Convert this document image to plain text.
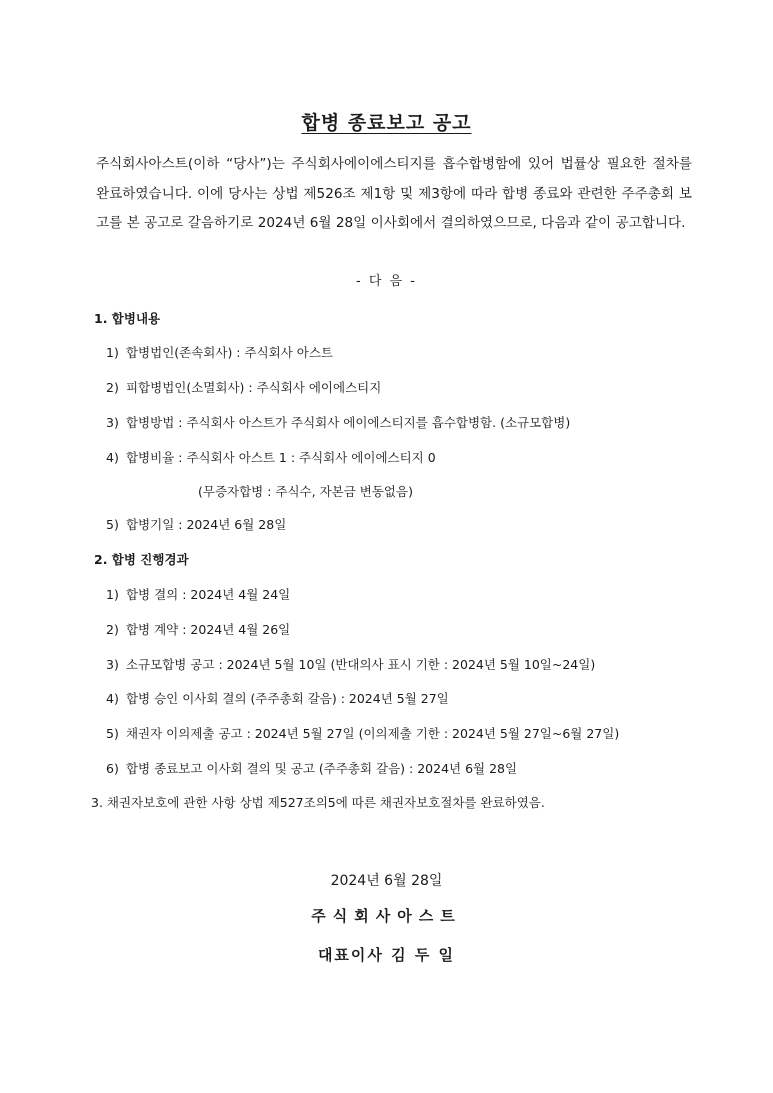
합병 종료보고 공고
주식회사아스트(이하 “당사”)는 주식회사에이에스티지를 흡수합병함에 있어 법률상 필요한 절차를 완료하였습니다. 이에 당사는 상법 제526조 제1항 및 제3항에 따라 합병 종료와 관련한 주주총회 보고를 본 공고로 갈음하기로 2024년 6월 28일 이사회에서 결의하였으므로, 다음과 같이 공고합니다.
- 다 음 -
1. 합병내용
1) 합병법인(존속회사) : 주식회사 아스트
2) 피합병법인(소멸회사) : 주식회사 에이에스티지
3) 합병방법 : 주식회사 아스트가 주식회사 에이에스티지를 흡수합병함. (소규모합병)
4) 합병비율 : 주식회사 아스트 1 : 주식회사 에이에스티지 0
(무증자합병 : 주식수, 자본금 변동없음)
5) 합병기일 : 2024년 6월 28일
2. 합병 진행경과
1) 합병 결의 : 2024년 4월 24일
2) 합병 계약 : 2024년 4월 26일
3) 소규모합병 공고 : 2024년 5월 10일 (반대의사 표시 기한 : 2024년 5월 10일~24일)
4) 합병 승인 이사회 결의 (주주총회 갈음) : 2024년 5월 27일
5) 채권자 이의제출 공고 : 2024년 5월 27일 (이의제출 기한 : 2024년 5월 27일~6월 27일)
6) 합병 종료보고 이사회 결의 및 공고 (주주총회 갈음) : 2024년 6월 28일
3. 채권자보호에 관한 사항 상법 제527조의5에 따른 채권자보호절차를 완료하였음.
2024년 6월 28일
주식회사아스트
대표이사 김 두 일
